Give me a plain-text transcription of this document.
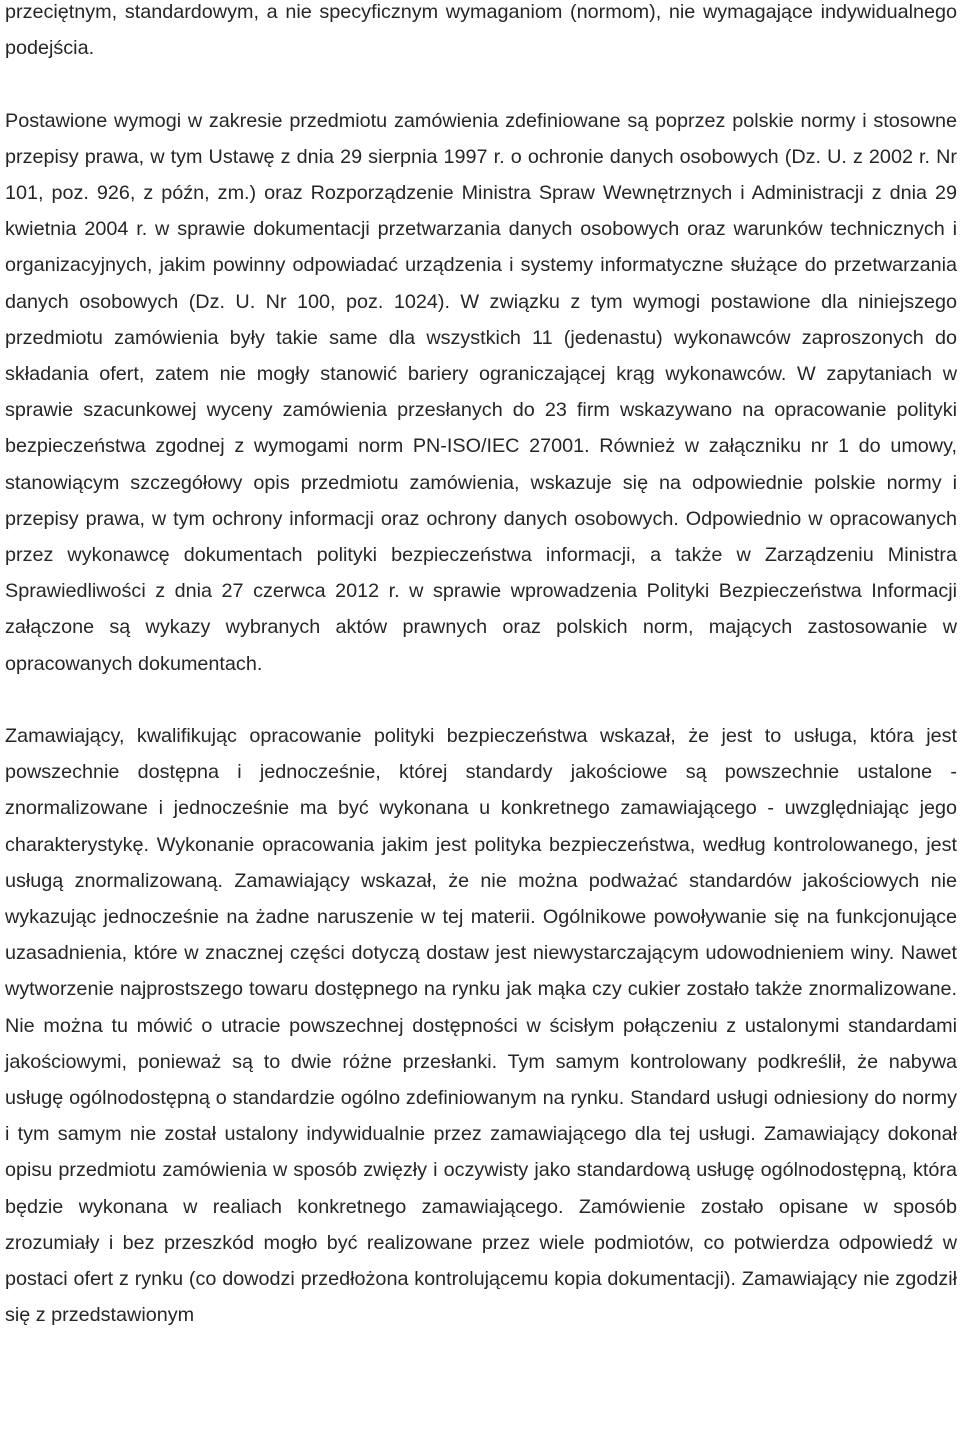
przeciętnym, standardowym, a nie specyficznym wymaganiom (normom), nie wymagające indywidualnego podejścia.

Postawione wymogi w zakresie przedmiotu zamówienia zdefiniowane są poprzez polskie normy i stosowne przepisy prawa, w tym Ustawę z dnia 29 sierpnia 1997 r. o ochronie danych osobowych (Dz. U. z 2002 r. Nr 101, poz. 926, z późn, zm.) oraz Rozporządzenie Ministra Spraw Wewnętrznych i Administracji z dnia 29 kwietnia 2004 r. w sprawie dokumentacji przetwarzania danych osobowych oraz warunków technicznych i organizacyjnych, jakim powinny odpowiadać urządzenia i systemy informatyczne służące do przetwarzania danych osobowych (Dz. U. Nr 100, poz. 1024). W związku z tym wymogi postawione dla niniejszego przedmiotu zamówienia były takie same dla wszystkich 11 (jedenastu) wykonawców zaproszonych do składania ofert, zatem nie mogły stanowić bariery ograniczającej krąg wykonawców. W zapytaniach w sprawie szacunkowej wyceny zamówienia przesłanych do 23 firm wskazywano na opracowanie polityki bezpieczeństwa zgodnej z wymogami norm PN-ISO/IEC 27001. Również w załączniku nr 1 do umowy, stanowiącym szczegółowy opis przedmiotu zamówienia, wskazuje się na odpowiednie polskie normy i przepisy prawa, w tym ochrony informacji oraz ochrony danych osobowych. Odpowiednio w opracowanych przez wykonawcę dokumentach polityki bezpieczeństwa informacji, a także w Zarządzeniu Ministra Sprawiedliwości z dnia 27 czerwca 2012 r. w sprawie wprowadzenia Polityki Bezpieczeństwa Informacji załączone są wykazy wybranych aktów prawnych oraz polskich norm, mających zastosowanie w opracowanych dokumentach.

Zamawiający, kwalifikując opracowanie polityki bezpieczeństwa wskazał, że jest to usługa, która jest powszechnie dostępna i jednocześnie, której standardy jakościowe są powszechnie ustalone - znormalizowane i jednocześnie ma być wykonana u konkretnego zamawiającego - uwzględniając jego charakterystykę. Wykonanie opracowania jakim jest polityka bezpieczeństwa, według kontrolowanego, jest usługą znormalizowaną. Zamawiający wskazał, że nie można podważać standardów jakościowych nie wykazując jednocześnie na żadne naruszenie w tej materii. Ogólnikowe powoływanie się na funkcjonujące uzasadnienia, które w znacznej części dotyczą dostaw jest niewystarczającym udowodnieniem winy. Nawet wytworzenie najprostszego towaru dostępnego na rynku jak mąka czy cukier zostało także znormalizowane. Nie można tu mówić o utracie powszechnej dostępności w ścisłym połączeniu z ustalonymi standardami jakościowymi, ponieważ są to dwie różne przesłanki. Tym samym kontrolowany podkreślił, że nabywa usługę ogólnodostępną o standardzie ogólno zdefiniowanym na rynku. Standard usługi odniesiony do normy i tym samym nie został ustalony indywidualnie przez zamawiającego dla tej usługi. Zamawiający dokonał opisu przedmiotu zamówienia w sposób zwięzły i oczywisty jako standardową usługę ogólnodostępną, która będzie wykonana w realiach konkretnego zamawiającego. Zamówienie zostało opisane w sposób zrozumiały i bez przeszkód mogło być realizowane przez wiele podmiotów, co potwierdza odpowiedź w postaci ofert z rynku (co dowodzi przedłożona kontrolującemu kopia dokumentacji). Zamawiający nie zgodził się z przedstawionym
